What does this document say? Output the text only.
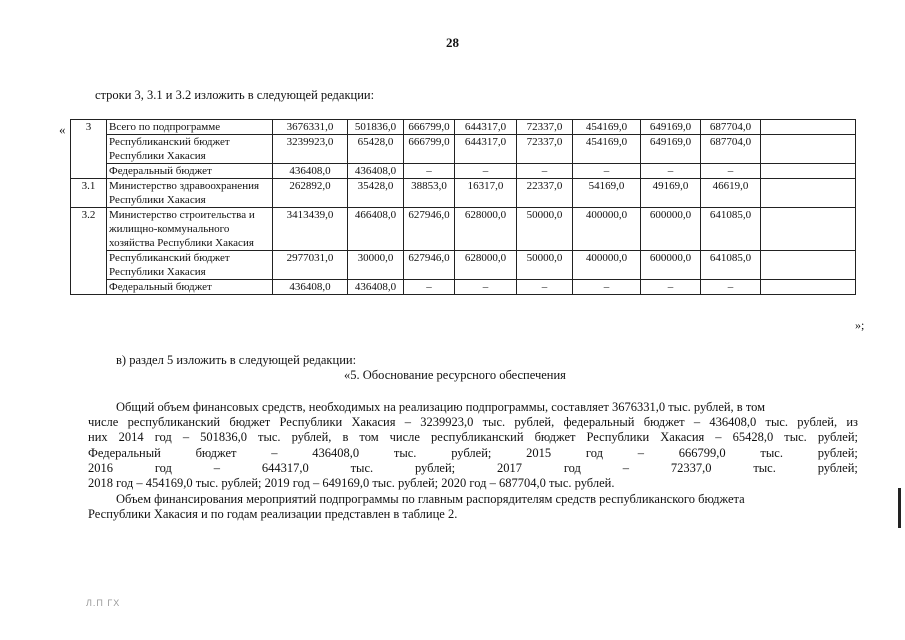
28
строки 3, 3.1 и 3.2 изложить в следующей редакции:
« 3	Всего по подпрограмме	3676331,0	501836,0	666799,0	644317,0	72337,0	454169,0	649169,0	687704,0	
	Республиканский бюджет Республики Хакасия	3239923,0	65428,0	666799,0	644317,0	72337,0	454169,0	649169,0	687704,0	
	Федеральный бюджет	436408,0	436408,0	–	–	–	–	–	–	
3.1	Министерство здравоохранения Республики Хакасия	262892,0	35428,0	38853,0	16317,0	22337,0	54169,0	49169,0	46619,0	
3.2	Министерство строительства и жилищно-коммунального хозяйства Республики Хакасия	3413439,0	466408,0	627946,0	628000,0	50000,0	400000,0	600000,0	641085,0	
	Республиканский бюджет Республики Хакасия	2977031,0	30000,0	627946,0	628000,0	50000,0	400000,0	600000,0	641085,0	
	Федеральный бюджет	436408,0	436408,0	–	–	–	–	–	–	
»;
в) раздел 5 изложить в следующей редакции:
«5. Обоснование ресурсного обеспечения
Общий объем финансовых средств, необходимых на реализацию подпрограммы, составляет 3676331,0 тыс. рублей, в том
числе республиканский бюджет Республики Хакасия – 3239923,0 тыс. рублей, федеральный бюджет – 436408,0 тыс. рублей, из
них 2014 год – 501836,0 тыс. рублей, в том числе республиканский бюджет Республики Хакасия – 65428,0 тыс. рублей;
Федеральный	бюджет	–	436408,0	тыс.	рублей;	2015	год	–	666799,0	тыс.	рублей;
2016	год	–	644317,0	тыс.	рублей;	2017	год	–	72337,0	тыс.	рублей;
2018 год – 454169,0 тыс. рублей; 2019 год – 649169,0 тыс. рублей; 2020 год – 687704,0 тыс. рублей.
Объем финансирования мероприятий подпрограммы по главным распорядителям средств республиканского бюджета
Республики Хакасия и по годам реализации представлен в таблице 2.
Л.П ГХ
